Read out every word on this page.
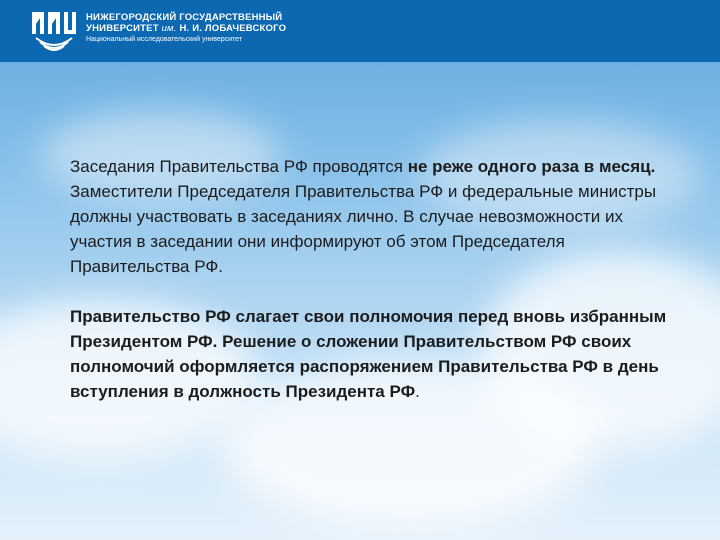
НИЖЕГОРОДСКИЙ ГОСУДАРСТВЕННЫЙ
УНИВЕРСИТЕТ им. Н. И. ЛОБАЧЕВСКОГО
Национальный исследовательский университет

Заседания Правительства РФ проводятся не реже одного раза в месяц. Заместители Председателя Правительства РФ и федеральные министры должны участвовать в заседаниях лично. В случае невозможности их участия в заседании они информируют об этом Председателя Правительства РФ.

Правительство РФ слагает свои полномочия перед вновь избранным Президентом РФ. Решение о сложении Правительством РФ своих полномочий оформляется распоряжением Правительства РФ в день вступления в должность Президента РФ.
